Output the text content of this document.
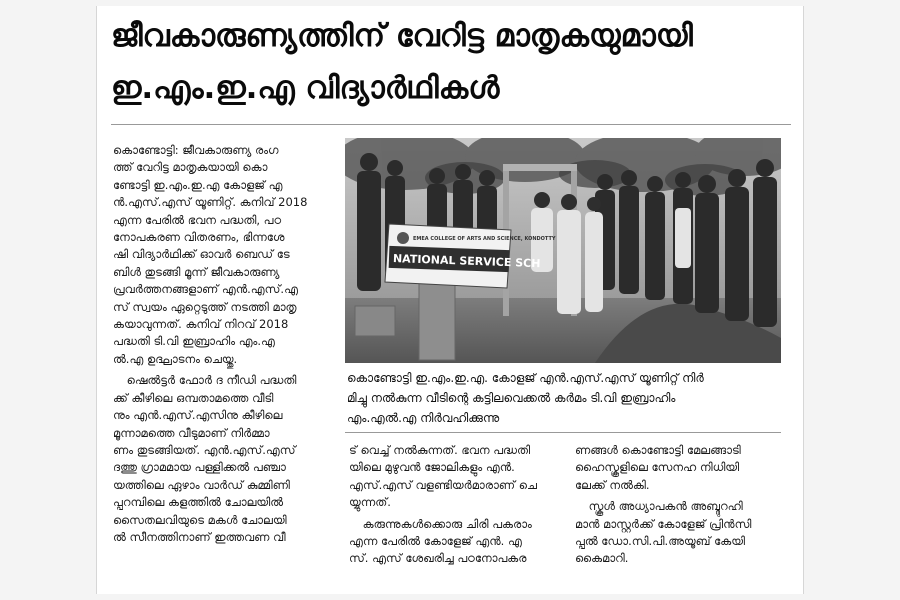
ജീവകാരുണ്യത്തിന് വേറിട്ട മാതൃകയുമായി
ഇ.എം.ഇ.എ വിദ്യാർഥികൾ

കൊണ്ടോട്ടി: ജീവകാരുണ്യ രംഗ
ത്ത് വേറിട്ട മാതൃകയായി കൊ
ണ്ടോട്ടി ഇ.എം.ഇ.എ കോളജ് എ
ൻ.എസ്.എസ് യൂണിറ്റ്. കനിവ് 2018
എന്ന പേരിൽ ഭവന പദ്ധതി, പഠ
നോപകരണ വിതരണം, ഭിന്നശേ
ഷി വിദ്യാർഥിക്ക് ഓവർ ബെഡ് ടേ
ബിൾ തുടങ്ങി മൂന്ന് ജീവകാരുണ്യ
പ്രവർത്തനങ്ങളാണ് എൻ.എസ്.എ
സ് സ്വയം ഏറ്റെടുത്ത് നടത്തി മാതൃ
കയാവുന്നത്. കനിവ് നിറവ് 2018
പദ്ധതി ടി.വി ഇബ്രാഹിം എം.എ
ൽ.എ ഉദ്ഘാടനം ചെയ്തു.

ഷെൽട്ടർ ഫോർ ദ നീഡി പദ്ധതി
ക്ക് കീഴിലെ ഒമ്പതാമത്തെ വീടി
നും എൻ.എസ്.എസിനു കീഴിലെ
മൂന്നാമത്തെ വീടുമാണ് നിർമ്മാ
ണം തുടങ്ങിയത്. എൻ.എസ്.എസ്
ദത്തു ഗ്രാമമായ പള്ളിക്കൽ പഞ്ചാ
യത്തിലെ ഏഴാം വാർഡ് കുമ്മിണി
പ്പറമ്പിലെ കളത്തിൽ ചോലയിൽ
സൈതലവിയുടെ മകൾ ചോലയി
ൽ സീനത്തിനാണ് ഇത്തവണ വീ

EMEA COLLEGE OF ARTS AND SCIENCE, KONDOTTY
NATIONAL SERVICE SCH
കൊണ്ടോട്ടി ഇ.എം.ഇ.എ. കോളജ് എൻ.എസ്.എസ് യൂണിറ്റ് നിർ
മിച്ചു നൽകുന്ന വീടിന്റെ കട്ടിലവെക്കൽ കർമം ടി.വി ഇബ്രാഹിം
എം.എൽ.എ നിർവഹിക്കുന്നു

ട് വെച്ച് നൽകുന്നത്. ഭവന പദ്ധതി
യിലെ മുഴുവൻ ജോലികളും എൻ.
എസ്.എസ് വളണ്ടിയർമാരാണ് ചെ
യ്യുന്നത്.

കരുന്നുകൾക്കൊരു ചിരി പകരാം
എന്ന പേരിൽ കോളേജ് എൻ. എ
സ്. എസ് ശേഖരിച്ച പഠനോപകര

ണങ്ങൾ കൊണ്ടോട്ടി മേലങ്ങാടി
ഹൈസ്കൂളിലെ സേനഹ നിധിയി
ലേക്ക് നൽകി.

സ്കൂൾ അധ്യാപകൻ അബ്ദുറഹി
മാൻ മാസ്റ്റർക്ക് കോളേജ് പ്രിൻസി
പ്പൽ ഡോ.സി.പി.അയൂബ് കേയി
കൈമാറി.
